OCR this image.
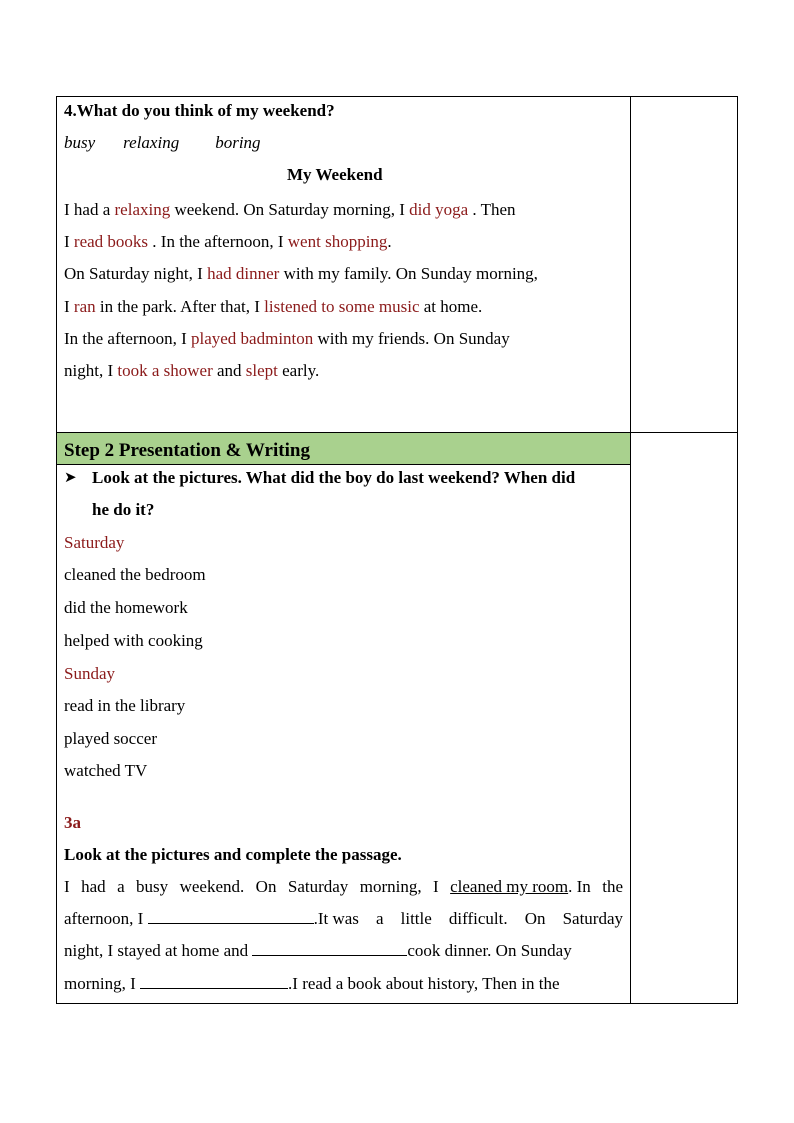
4.What do you think of my weekend?
busy relaxing boring
My Weekend
I had a relaxing weekend. On Saturday morning, I did yoga . Then
I read books . In the afternoon, I went shopping.
On Saturday night, I had dinner with my family. On Sunday morning,
I ran in the park. After that, I listened to some music at home.
In the afternoon, I played badminton with my friends. On Sunday
night, I took a shower and slept early.
Step 2 Presentation & Writing
➤ Look at the pictures. What did the boy do last weekend? When did
he do it?
Saturday
cleaned the bedroom
did the homework
helped with cooking
Sunday
read in the library
played soccer
watched TV
3a
Look at the pictures and complete the passage.
I had a busy weekend. On Saturday morning, I cleaned my room. In the
afternoon, I	.It was a little difficult. On Saturday
night, I stayed at home and	cook dinner. On Sunday
morning, I	.I read a book about history, Then in the
